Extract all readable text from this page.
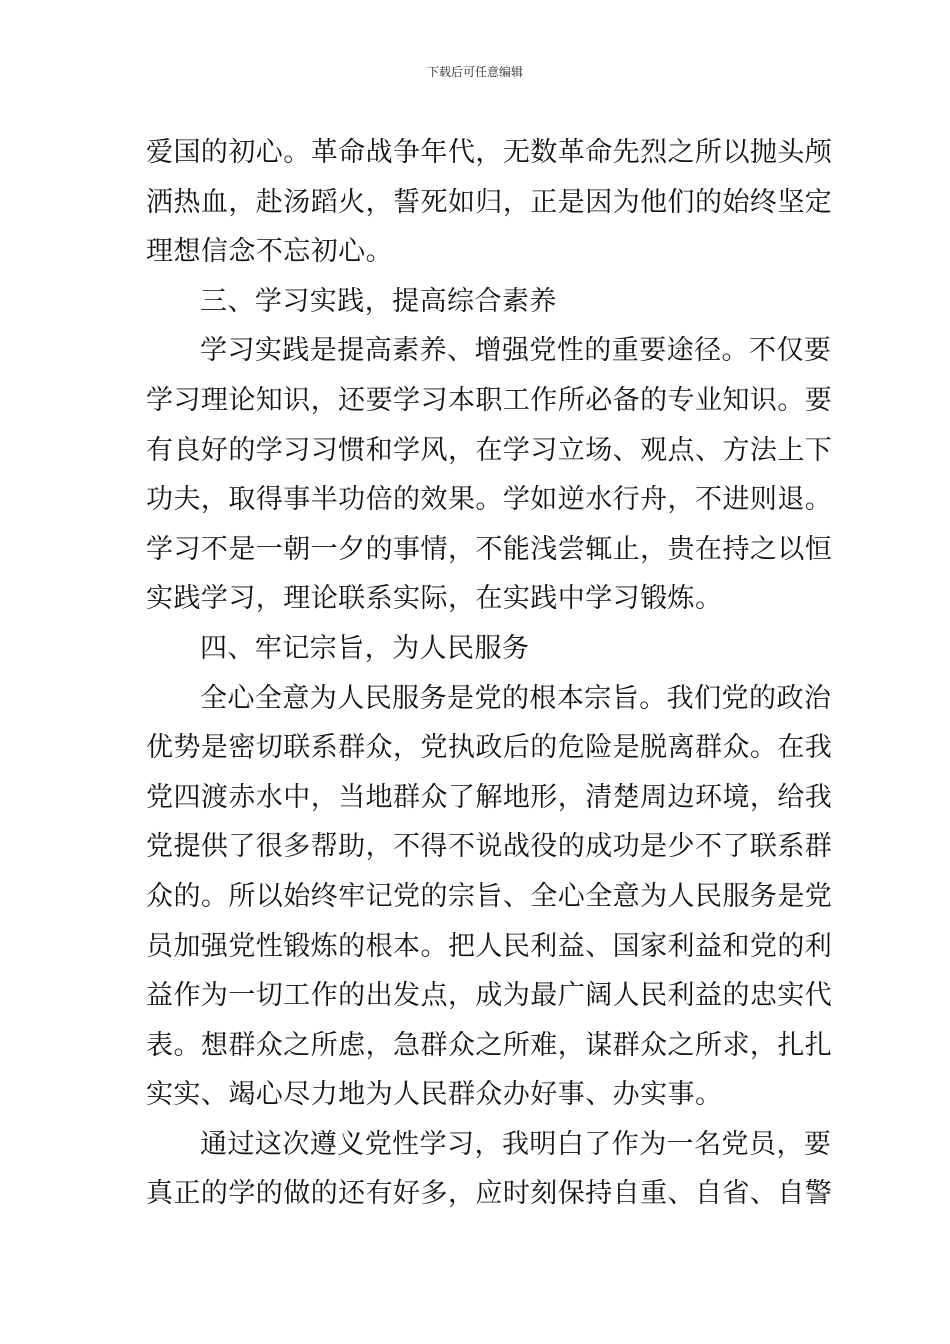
下载后可任意编辑
爱国的初心。革命战争年代，无数革命先烈之所以抛头颅
洒热血，赴汤蹈火，誓死如归，正是因为他们的始终坚定
理想信念不忘初心。
三、学习实践，提高综合素养
学习实践是提高素养、增强党性的重要途径。不仅要
学习理论知识，还要学习本职工作所必备的专业知识。要
有良好的学习习惯和学风，在学习立场、观点、方法上下
功夫，取得事半功倍的效果。学如逆水行舟，不进则退。
学习不是一朝一夕的事情，不能浅尝辄止，贵在持之以恒
实践学习，理论联系实际，在实践中学习锻炼。
四、牢记宗旨，为人民服务
全心全意为人民服务是党的根本宗旨。我们党的政治
优势是密切联系群众，党执政后的危险是脱离群众。在我
党四渡赤水中，当地群众了解地形，清楚周边环境，给我
党提供了很多帮助，不得不说战役的成功是少不了联系群
众的。所以始终牢记党的宗旨、全心全意为人民服务是党
员加强党性锻炼的根本。把人民利益、国家利益和党的利
益作为一切工作的出发点，成为最广阔人民利益的忠实代
表。想群众之所虑，急群众之所难，谋群众之所求，扎扎
实实、竭心尽力地为人民群众办好事、办实事。
通过这次遵义党性学习，我明白了作为一名党员，要
真正的学的做的还有好多，应时刻保持自重、自省、自警
